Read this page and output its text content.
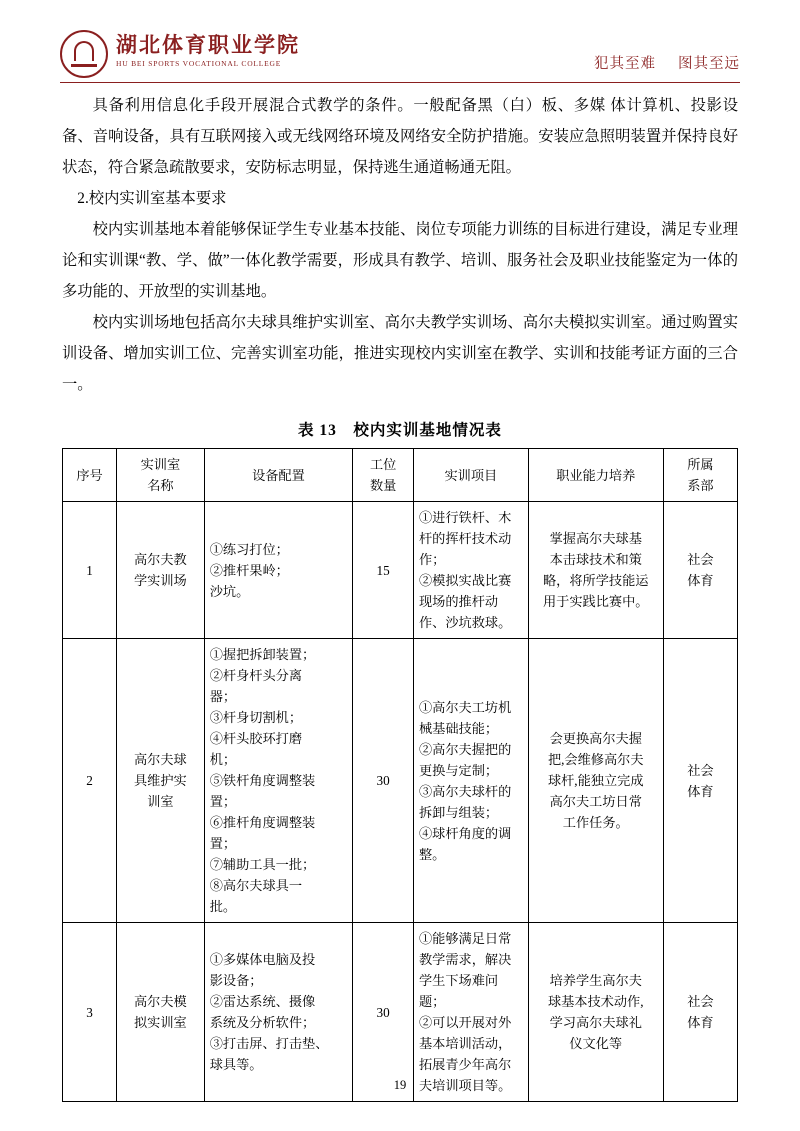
湖北体育职业学院
HU BEI SPORTS VOCATIONAL COLLEGE	犯其至难 图其至远

具备利用信息化手段开展混合式教学的条件。一般配备黑（白）板、多媒 体计算机、投影设备、音响设备，具有互联网接入或无线网络环境及网络安全防护措施。安装应急照明装置并保持良好状态，符合紧急疏散要求，安防标志明显，保持逃生通道畅通无阻。

2.校内实训室基本要求

校内实训基地本着能够保证学生专业基本技能、岗位专项能力训练的目标进行建设，满足专业理论和实训课“教、学、做”一体化教学需要，形成具有教学、培训、服务社会及职业技能鉴定为一体的多功能的、开放型的实训基地。

校内实训场地包括高尔夫球具维护实训室、高尔夫教学实训场、高尔夫模拟实训室。通过购置实训设备、增加实训工位、完善实训室功能，推进实现校内实训室在教学、实训和技能考证方面的三合一。

表 13　校内实训基地情况表
序号	实训室
名称	设备配置	工位
数量	实训项目	职业能力培养	所属
系部
1	高尔夫教
学实训场	①练习打位；
②推杆果岭；
沙坑。	15	①进行铁杆、木
杆的挥杆技术动
作；
②模拟实战比赛
现场的推杆动
作、沙坑救球。	掌握高尔夫球基
本击球技术和策
略，将所学技能运
用于实践比赛中。	社会
体育
2	高尔夫球
具维护实
训室	①握把拆卸装置；
②杆身杆头分离
器；
③杆身切割机；
④杆头胶环打磨
机；
⑤铁杆角度调整装
置；
⑥推杆角度调整装
置；
⑦辅助工具一批；
⑧高尔夫球具一
批。	30	①高尔夫工坊机
械基础技能；
②高尔夫握把的
更换与定制；
③高尔夫球杆的
拆卸与组装；
④球杆角度的调
整。	会更换高尔夫握
把,会维修高尔夫
球杆,能独立完成
高尔夫工坊日常
工作任务。	社会
体育
3	高尔夫模
拟实训室	①多媒体电脑及投
影设备；
②雷达系统、摄像
系统及分析软件；
③打击屏、打击垫、
球具等。	30	①能够满足日常
教学需求，解决
学生下场难问
题；
②可以开展对外
基本培训活动，
拓展青少年高尔
夫培训项目等。	培养学生高尔夫
球基本技术动作,
学习高尔夫球礼
仪文化等	社会
体育
19
